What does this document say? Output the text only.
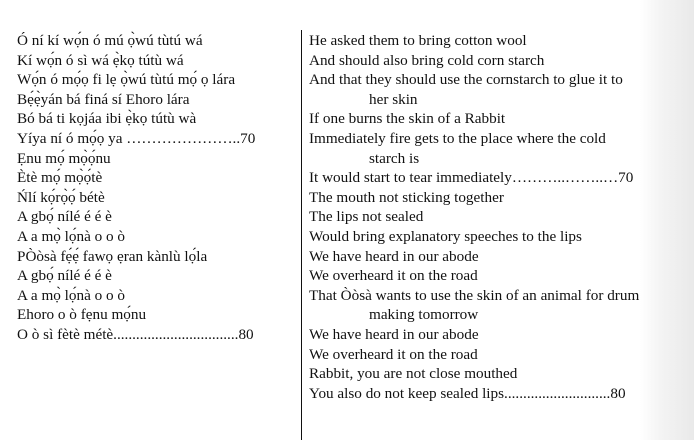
Ó ní kí wọ́n ó mú ọ̀wú tùtú wá
Kí wọ́n ó sì wá ẹ̀kọ tútù wá
Wọ́n ó mọ́ọ fi lẹ ọ̀wú tùtú mọ́ ọ lára
Bẹ́ẹ̀yán bá finá sí Ehoro lára
Bó bá ti kọjáa ibi ẹ̀kọ tútù wà
Yíya ní ó mọ́ọ ya …………………..70
Ẹnu mọ́ mọ̀ọ́nu
Ètè mọ́ mọ̀ọ́tè
Ńlí kọ́rọ̀ọ́ bétè
A gbọ́ nílé é é è
A a mọ̀ lọ́nà o o ò
PÒòsà fẹ́ẹ́ fawọ ẹran kànlù lọ́la
A gbọ́ nílé é é è
A a mọ̀ lọ́nà o o ò
Ehoro o ò fẹnu mọ́nu
O ò sì fètè métè.................................80
He asked them to bring cotton wool
And should also bring cold corn starch
And that they should use the cornstarch to glue it to
her skin
If one burns the skin of a Rabbit
Immediately fire gets to the place where the cold
starch is
It would start to tear immediately………..……..…70
The mouth not sticking together
The lips not sealed
Would bring explanatory speeches to the lips
We have heard in our abode
We overheard it on the road
That Òòsà wants to use the skin of an animal for drum
making tomorrow
We have heard in our abode
We overheard it on the road
Rabbit, you are not close mouthed
You also do not keep sealed lips............................80
